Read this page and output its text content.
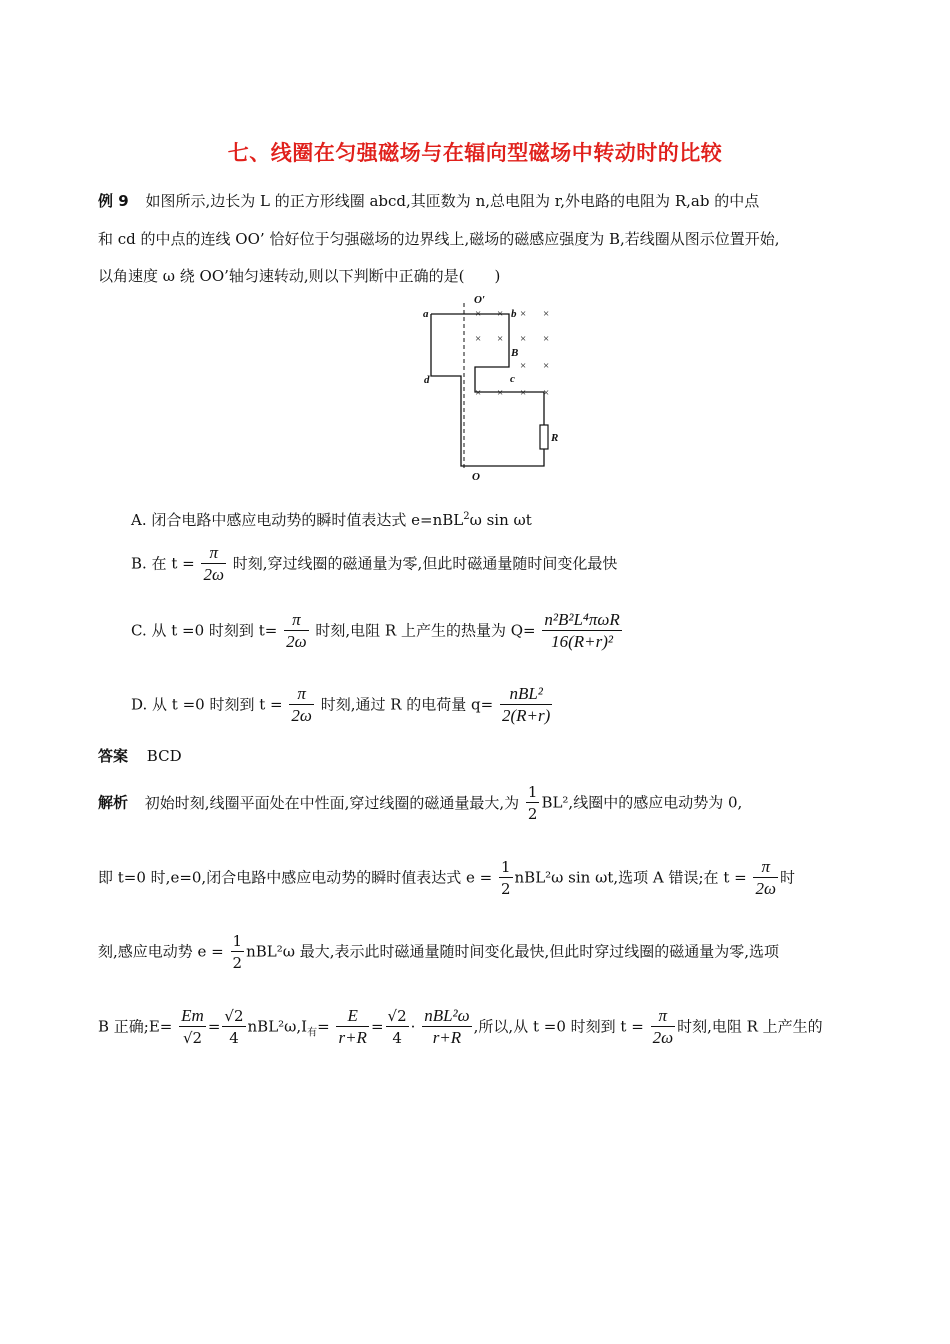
七、线圈在匀强磁场与在辐向型磁场中转动时的比较
例 9 如图所示,边长为 L 的正方形线圈 abcd,其匝数为 n,总电阻为 r,外电路的电阻为 R,ab 的中点
和 cd 的中点的连线 OO’ 恰好位于匀强磁场的边界线上,磁场的磁感应强度为 B,若线圈从图示位置开始,
以角速度 ω 绕 OO’轴匀速转动,则以下判断中正确的是(　　)
× × × ×
× × × ×
× ×
× × × ×
a	b
c
d
O′
O
B
R
A. 闭合电路中感应电动势的瞬时值表达式 e=nBL$^2$ω sin ωt
B. 在 $t = \frac{\pi}{2\omega}$ 时刻,穿过线圈的磁通量为零,但此时磁通量随时间变化最快
C. 从 t =0 时刻到 $t= \frac{\pi}{2\omega}$ 时刻,电阻 R 上产生的热量为 $Q= \frac{\text{n²B²L⁴πωR}}{\text{16(R+r)²}}$
D. 从 t =0 时刻到 $t = \frac{\pi}{2\omega}$ 时刻,通过 R 的电荷量 $q= \frac{\text{nBL²}}{2(R+r)}$
答案 BCD
解析 初始时刻,线圈平面处在中性面,穿过线圈的磁通量最大,为 $\frac{1}{2} BL^2$,线圈中的感应电动势为 0,
即 t=0 时,e=0,闭合电路中感应电动势的瞬时值表达式 $e = \frac{1}{2} nBL^2\omega$ sin ωt,选项 A 错误;在 $t = \frac{\pi}{2\omega}$ 时
刻,感应电动势 $e = \frac{1}{2} nBL^2\omega$ 最大,表示此时磁通量随时间变化最快,但此时穿过线圈的磁通量为零,选项
B 正确;E= $\frac{Em}{√2} = \frac{√2}{4} nBL^2\omega,I_有= \frac{E}{r+R} = \frac{√2}{4} \cdot \frac{\text{nBL²ω}}{r+R}$ ,所以,从 t =0 时刻到 $t = \frac{\pi}{2\omega}$ 时刻,电阻 R 上产生的
